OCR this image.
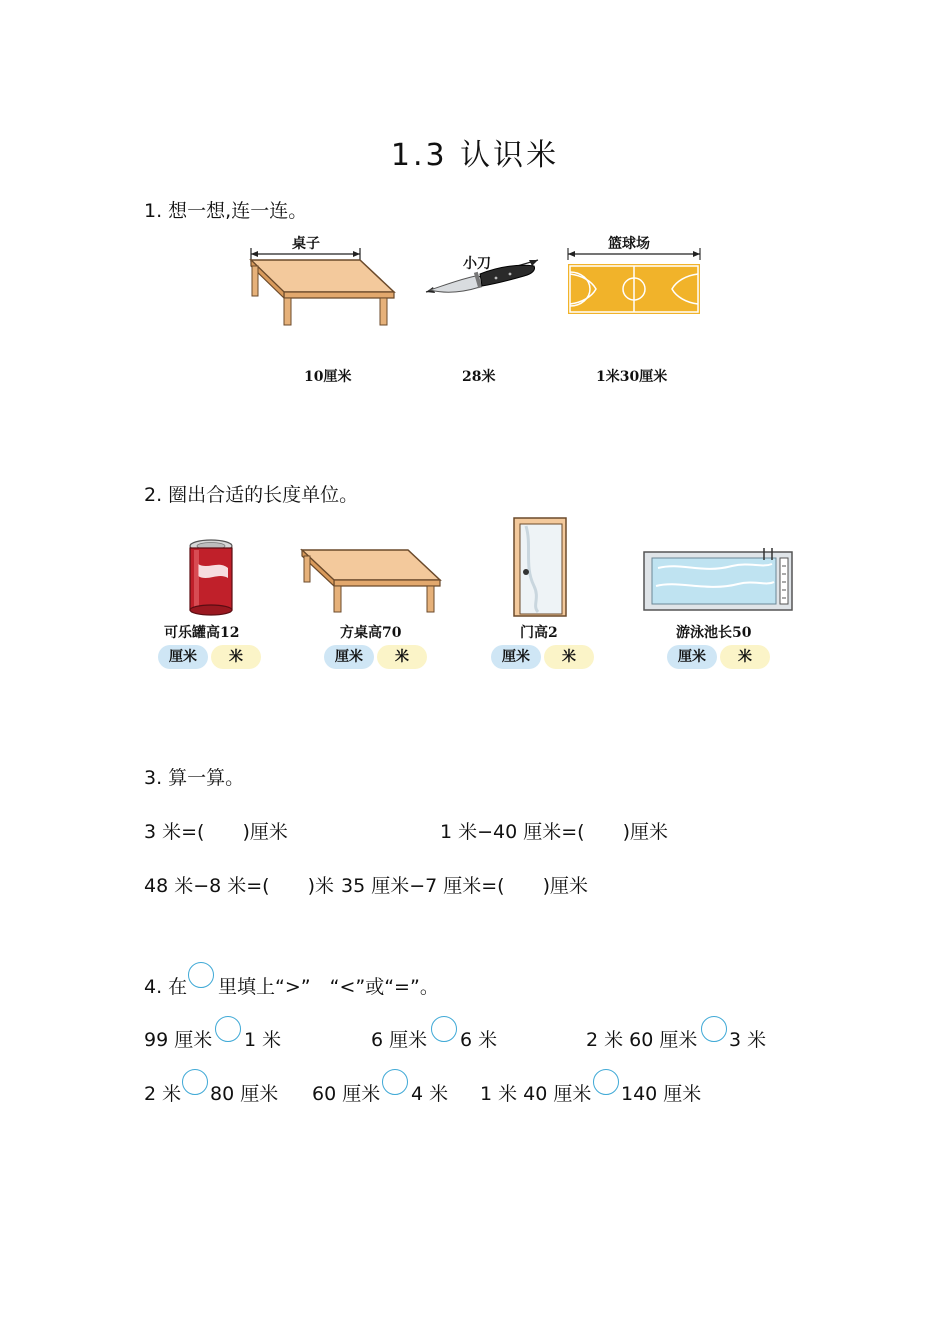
1.3 认识米
1. 想一想,连一连。
桌子
小刀
篮球场
10厘米	28米	1米30厘米
2. 圈出合适的长度单位。
可乐罐高12
厘米	米
方桌高70
厘米	米
门高2
厘米	米
游泳池长50
厘米	米
3. 算一算。
3 米=(　　)厘米	1 米−40 厘米=(　　)厘米
48 米−8 米=(　　)米 35 厘米−7 厘米=(　　)厘米
4. 在 里填上“>”　“<”或“=”。
99 厘米 1 米	6 厘米 6 米	2 米 60 厘米 3 米
2 米 80 厘米 60 厘米 4 米 1 米 40 厘米 140 厘米
